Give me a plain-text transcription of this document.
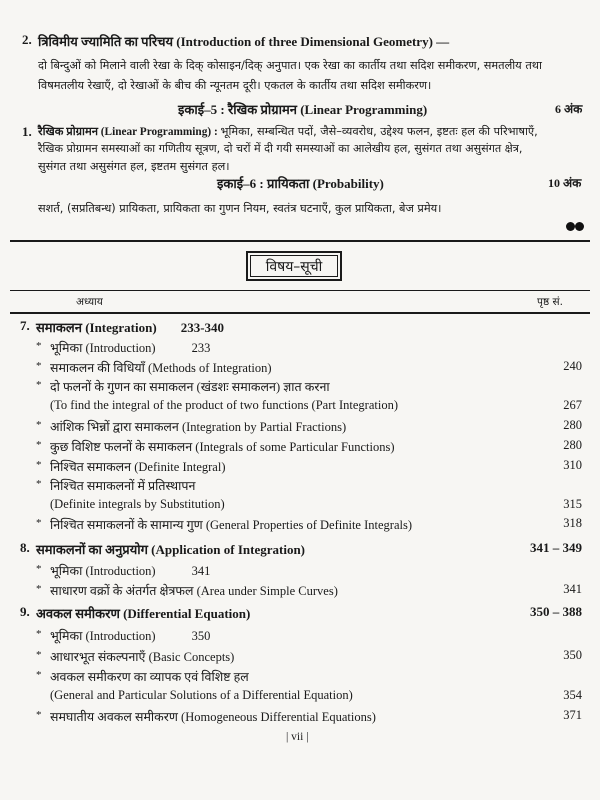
2. त्रिविमीय ज्यामिति का परिचय (Introduction of three Dimensional Geometry) —
दो बिन्दुओं को मिलाने वाली रेखा के दिक् कोसाइन/दिक् अनुपात। एक रेखा का कार्तीय तथा सदिश समीकरण, समतलीय तथा
विषमतलीय रेखाएँ, दो रेखाओं के बीच की न्यूनतम दूरी। एकतल के कार्तीय तथा सदिश समीकरण।
इकाई–5 : रैखिक प्रोग्रामन (Linear Programming)	6 अंक
1. रैखिक प्रोग्रामन (Linear Programming) : भूमिका, सम्बन्धित पदों, जैसे–व्यवरोध, उद्देश्य फलन, इष्टतः हल की परिभाषाएँ,
रैखिक प्रोग्रामन समस्याओं का गणितीय सूत्रण, दो चरों में दी गयी समस्याओं का आलेखीय हल, सुसंगत तथा असुसंगत क्षेत्र,
सुसंगत तथा असुसंगत हल, इष्टतम सुसंगत हल।
इकाई–6 : प्रायिकता (Probability)	10 अंक
सशर्त, (सप्रतिबन्ध) प्रायिकता, प्रायिकता का गुणन नियम, स्वतंत्र घटनाएँ, कुल प्रायिकता, बेज प्रमेय।
विषय–सूची
अध्याय	पृष्ठ सं.
7. समाकलन (Integration) 233-340
* भूमिका (Introduction)	233
* समाकलन की विधियाँ (Methods of Integration)	240
* दो फलनों के गुणन का समाकलन (खंडशः समाकलन) ज्ञात करना
(To find the integral of the product of two functions (Part Integration)	267
* आंशिक भिन्नों द्वारा समाकलन (Integration by Partial Fractions)	280
* कुछ विशिष्ट फलनों के समाकलन (Integrals of some Particular Functions)	280
* निश्चित समाकलन (Definite Integral)	310
* निश्चित समाकलनों में प्रतिस्थापन
(Definite integrals by Substitution)	315
* निश्चित समाकलनों के सामान्य गुण (General Properties of Definite Integrals)	318
8. समाकलनों का अनुप्रयोग (Application of Integration)	341 – 349
* भूमिका (Introduction)	341
* साधारण वक्रों के अंतर्गत क्षेत्रफल (Area under Simple Curves)	341
9. अवकल समीकरण (Differential Equation)	350 – 388
* भूमिका (Introduction)	350
* आधारभूत संकल्पनाएँ (Basic Concepts)	350
* अवकल समीकरण का व्यापक एवं विशिष्ट हल
(General and Particular Solutions of a Differential Equation)	354
* समघातीय अवकल समीकरण (Homogeneous Differential Equations)	371
| vii |
